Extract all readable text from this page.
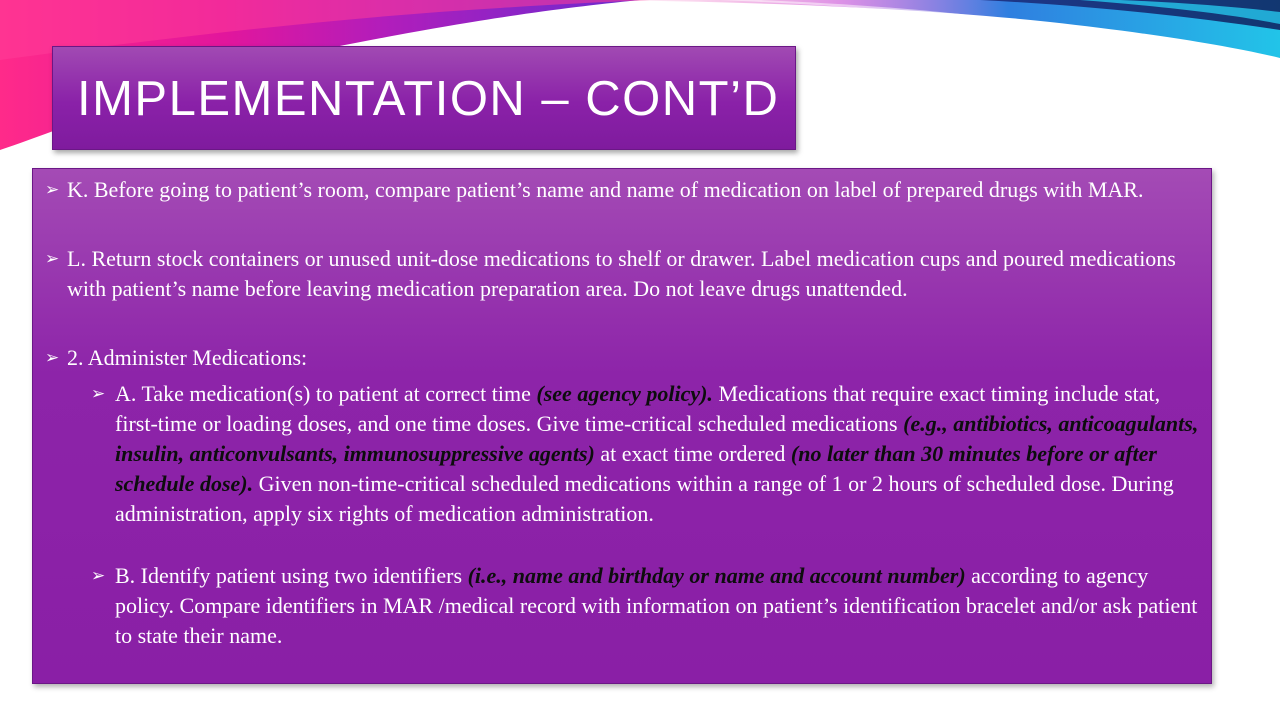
IMPLEMENTATION – CONT’D
➢ K. Before going to patient’s room, compare patient’s name and name of medication on label of prepared drugs with MAR.
➢ L. Return stock containers or unused unit-dose medications to shelf or drawer. Label medication cups and poured medications with patient’s name before leaving medication preparation area. Do not leave drugs unattended.
➢ 2. Administer Medications:
➢ A. Take medication(s) to patient at correct time (see agency policy). Medications that require exact timing include stat, first-time or loading doses, and one time doses. Give time-critical scheduled medications (e.g., antibiotics, anticoagulants, insulin, anticonvulsants, immunosuppressive agents) at exact time ordered (no later than 30 minutes before or after schedule dose). Given non-time-critical scheduled medications within a range of 1 or 2 hours of scheduled dose. During administration, apply six rights of medication administration.
➢ B. Identify patient using two identifiers (i.e., name and birthday or name and account number) according to agency policy. Compare identifiers in MAR /medical record with information on patient’s identification bracelet and/or ask patient to state their name.
